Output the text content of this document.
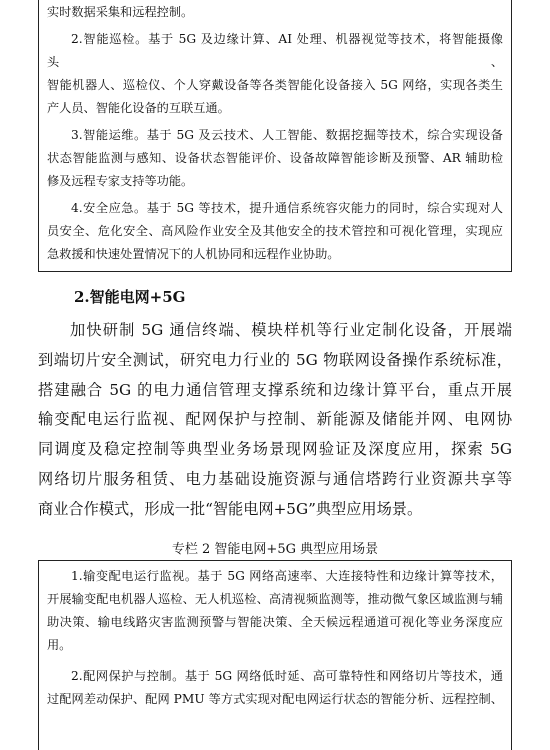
实时数据采集和远程控制。

2.智能巡检。基于 5G 及边缘计算、AI 处理、机器视觉等技术，将智能摄像头、

智能机器人、巡检仪、个人穿戴设备等各类智能化设备接入 5G 网络，实现各类生

产人员、智能化设备的互联互通。

3.智能运维。基于 5G 及云技术、人工智能、数据挖掘等技术，综合实现设备

状态智能监测与感知、设备状态智能评价、设备故障智能诊断及预警、AR 辅助检

修及远程专家支持等功能。

4.安全应急。基于 5G 等技术，提升通信系统容灾能力的同时，综合实现对人

员安全、危化安全、高风险作业安全及其他安全的技术管控和可视化管理，实现应

急救援和快速处置情况下的人机协同和远程作业协助。

2.智能电网+5G

加快研制 5G 通信终端、模块样机等行业定制化设备，开展端

到端切片安全测试，研究电力行业的 5G 物联网设备操作系统标准，

搭建融合 5G 的电力通信管理支撑系统和边缘计算平台，重点开展

输变配电运行监视、配网保护与控制、新能源及储能并网、电网协

同调度及稳定控制等典型业务场景现网验证及深度应用，探索 5G

网络切片服务租赁、电力基础设施资源与通信塔跨行业资源共享等

商业合作模式，形成一批“智能电网+5G”典型应用场景。

专栏 2 智能电网+5G 典型应用场景

1.输变配电运行监视。基于 5G 网络高速率、大连接特性和边缘计算等技术，

开展输变配电机器人巡检、无人机巡检、高清视频监测等，推动微气象区域监测与辅

助决策、输电线路灾害监测预警与智能决策、全天候远程通道可视化等业务深度应用。

2.配网保护与控制。基于 5G 网络低时延、高可靠特性和网络切片等技术，通

过配网差动保护、配网 PMU 等方式实现对配电网运行状态的智能分析、远程控制、
